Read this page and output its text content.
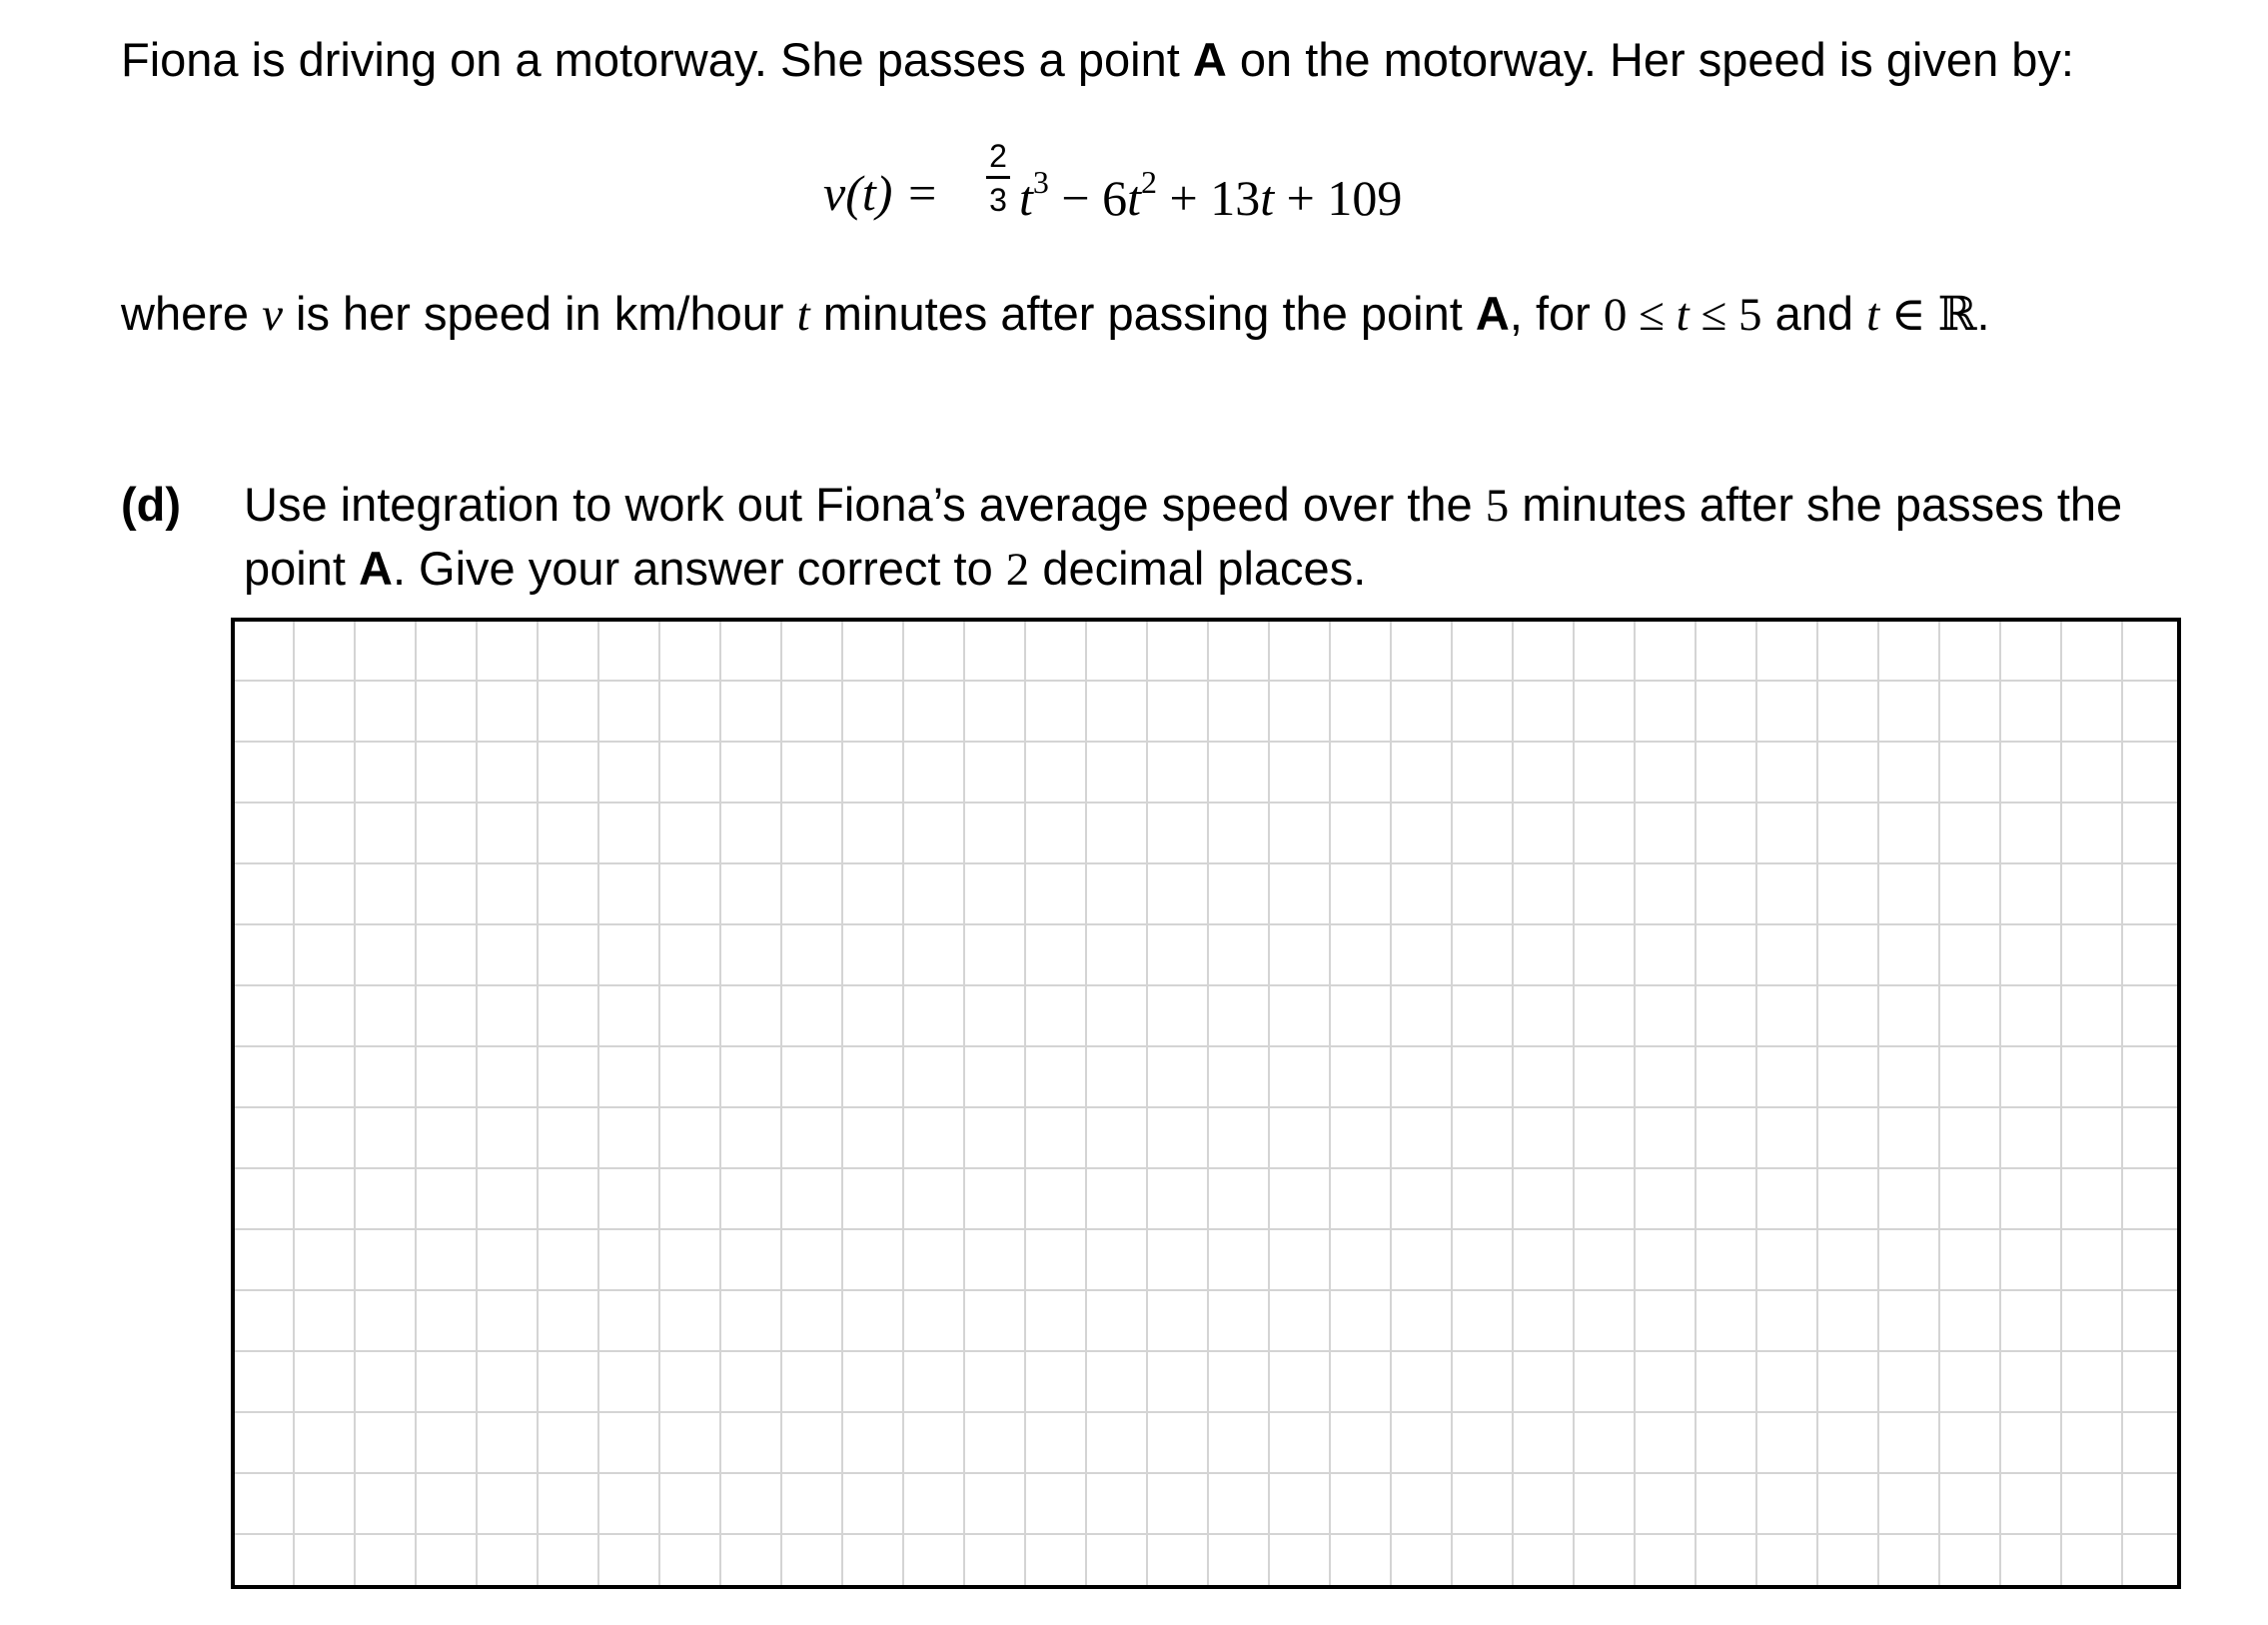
Fiona is driving on a motorway. She passes a point A on the motorway. Her speed is given by:
v(t) =
2
3 $t^3 - 6t^2 + 13t + 109$
where v is her speed in km/hour t minutes after passing the point A, for 0 ≤ t ≤ 5 and t ∈ ℝ.
(d) Use integration to work out Fiona’s average speed over the 5 minutes after she passes the
point A. Give your answer correct to 2 decimal places.
